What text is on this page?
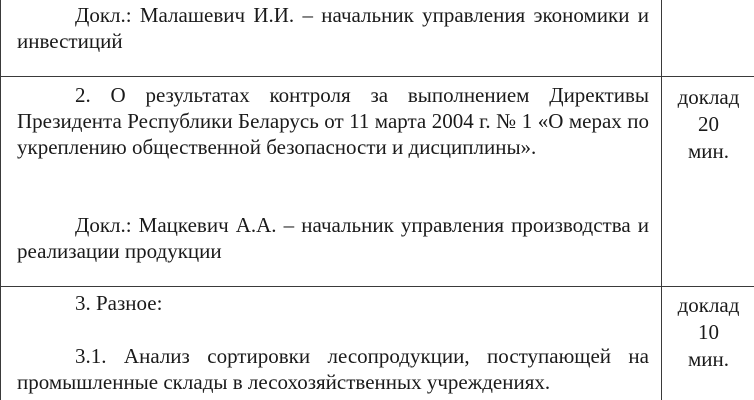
Докл.: Малашевич И.И. – начальник управления экономики и инвестиций

2. О результатах контроля за выполнением Директивы Президента Республики Беларусь от 11 марта 2004 г. № 1 «О мерах по укреплению общественной безопасности и дисциплины».

Докл.: Мацкевич А.А. – начальник управления производства и реализации продукции

доклад
20
мин.

3. Разное:

3.1. Анализ сортировки лесопродукции, поступающей на промышленные склады в лесохозяйственных учреждениях.

доклад
10
мин.
